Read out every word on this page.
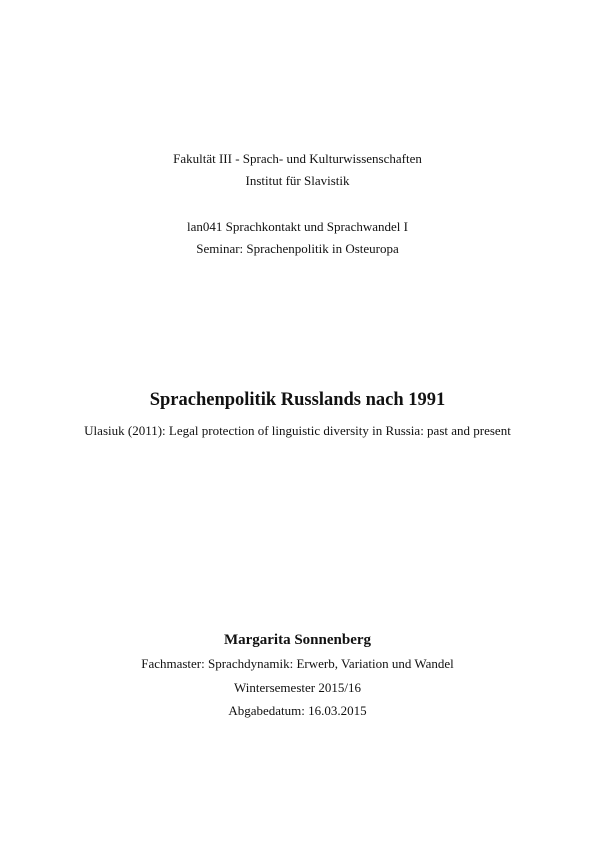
Fakultät III - Sprach- und Kulturwissenschaften
Institut für Slavistik
lan041 Sprachkontakt und Sprachwandel I
Seminar: Sprachenpolitik in Osteuropa
Sprachenpolitik Russlands nach 1991
Ulasiuk (2011): Legal protection of linguistic diversity in Russia: past and present
Margarita Sonnenberg
Fachmaster: Sprachdynamik: Erwerb, Variation und Wandel
Wintersemester 2015/16
Abgabedatum: 16.03.2015
